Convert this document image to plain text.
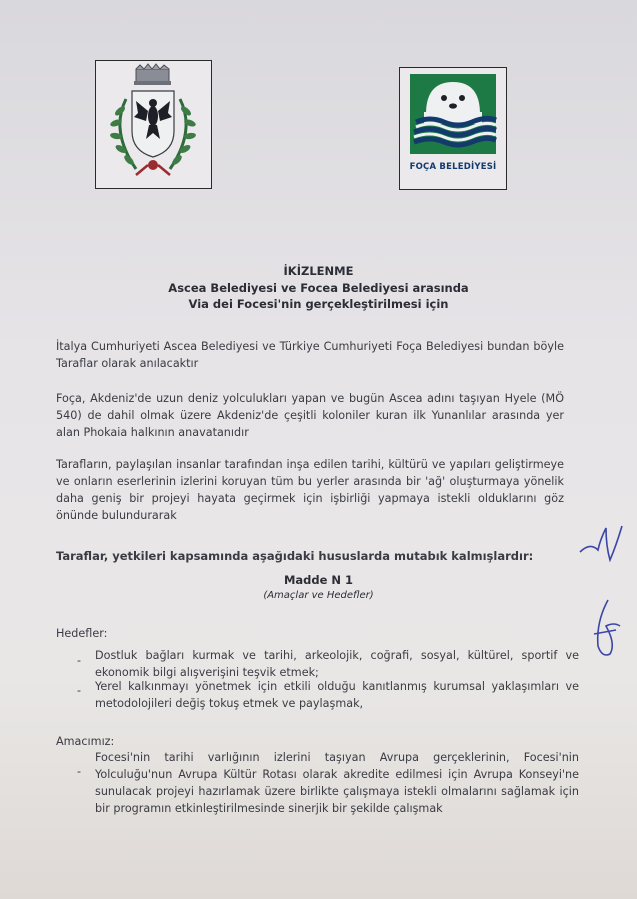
FOÇA BELEDİYESİ
İKİZLENME
Ascea Belediyesi ve Focea Belediyesi arasında
Via dei Focesi'nin gerçekleştirilmesi için
İtalya Cumhuriyeti Ascea Belediyesi ve Türkiye Cumhuriyeti Foça Belediyesi bundan böyle Taraflar olarak anılacaktır
Foça, Akdeniz'de uzun deniz yolculukları yapan ve bugün Ascea adını taşıyan Hyele (MÖ 540) de dahil olmak üzere Akdeniz'de çeşitli koloniler kuran ilk Yunanlılar arasında yer alan Phokaia halkının anavatanıdır
Tarafların, paylaşılan insanlar tarafından inşa edilen tarihi, kültürü ve yapıları geliştirmeye ve onların eserlerinin izlerini koruyan tüm bu yerler arasında bir 'ağ' oluşturmaya yönelik daha geniş bir projeyi hayata geçirmek için işbirliği yapmaya istekli olduklarını göz önünde bulundurarak
Taraflar, yetkileri kapsamında aşağıdaki hususlarda mutabık kalmışlardır:
Madde N 1
(Amaçlar ve Hedefler)
Hedefler:
- Dostluk bağları kurmak ve tarihi, arkeolojik, coğrafi, sosyal, kültürel, sportif ve ekonomik bilgi alışverişini teşvik etmek;
- Yerel kalkınmayı yönetmek için etkili olduğu kanıtlanmış kurumsal yaklaşımları ve metodolojileri değiş tokuş etmek ve paylaşmak,
Amacımız:
-
Focesi'nin tarihi varlığının izlerini taşıyan Avrupa gerçeklerinin, Focesi'nin Yolculuğu'nun Avrupa Kültür Rotası olarak akredite edilmesi için Avrupa Konseyi'ne sunulacak projeyi hazırlamak üzere birlikte çalışmaya istekli olmalarını sağlamak için bir programın etkinleştirilmesinde sinerjik bir şekilde çalışmak
